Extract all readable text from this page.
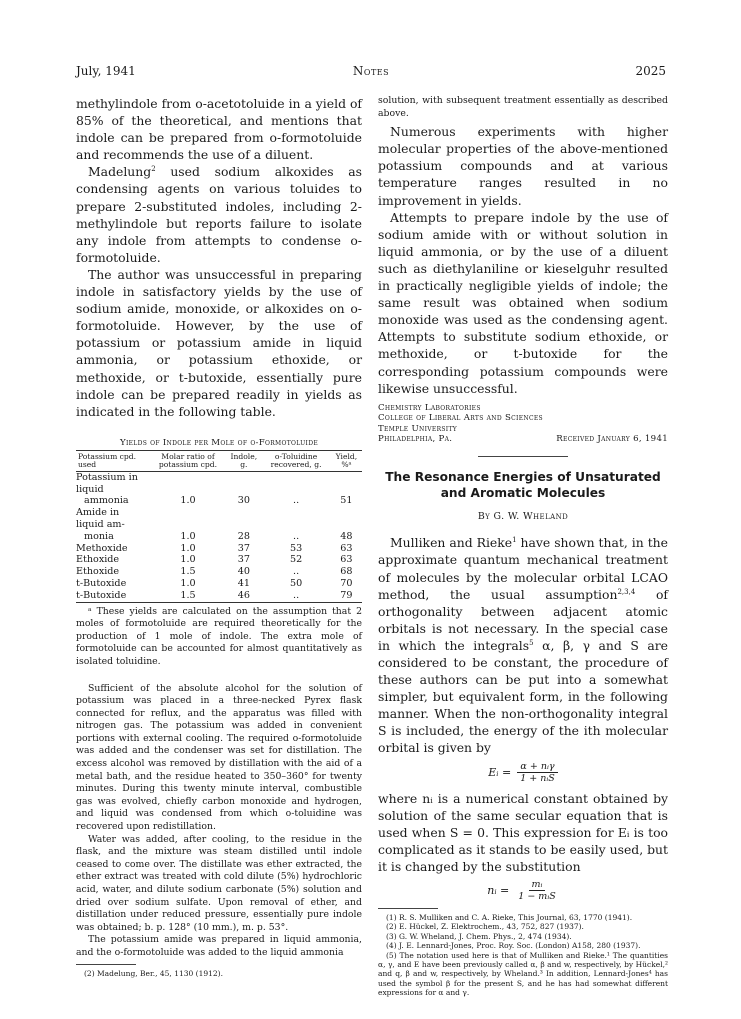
July, 1941	Notes	2025

methylindole from o-acetotoluide in a yield of 85% of the theoretical, and mentions that indole can be prepared from o-formotoluide and recommends the use of a diluent.

Madelung$^2$ used sodium alkoxides as condensing agents on various toluides to prepare 2-substituted indoles, including 2-methylindole but reports failure to isolate any indole from attempts to condense o-formotoluide.

The author was unsuccessful in preparing indole in satisfactory yields by the use of sodium amide, monoxide, or alkoxides on o-formotoluide. However, by the use of potassium or potassium amide in liquid ammonia, or potassium ethoxide, or methoxide, or t-butoxide, essentially pure indole can be prepared readily in yields as indicated in the following table.

Yields of Indole per Mole of o-Formotoluide
Potassium cpd. used	Molar ratio of potassium cpd.	Indole, g.	o-Toluidine recovered, g.	Yield, %ᵃ
Potassium in liquid				
ammonia	1.0	30	..	51
Amide in liquid am-				
monia	1.0	28	..	48
Methoxide	1.0	37	53	63
Ethoxide	1.0	37	52	63
Ethoxide	1.5	40	..	68
t-Butoxide	1.0	41	50	70
t-Butoxide	1.5	46	..	79

ᵃ These yields are calculated on the assumption that 2 moles of formotoluide are required theoretically for the production of 1 mole of indole. The extra mole of formotoluide can be accounted for almost quantitatively as isolated toluidine.

Sufficient of the absolute alcohol for the solution of potassium was placed in a three-necked Pyrex flask connected for reflux, and the apparatus was filled with nitrogen gas. The potassium was added in convenient portions with external cooling. The required o-formotoluide was added and the condenser was set for distillation. The excess alcohol was removed by distillation with the aid of a metal bath, and the residue heated to 350–360° for twenty minutes. During this twenty minute interval, combustible gas was evolved, chiefly carbon monoxide and hydrogen, and liquid was condensed from which o-toluidine was recovered upon redistillation.

Water was added, after cooling, to the residue in the flask, and the mixture was steam distilled until indole ceased to come over. The distillate was ether extracted, the ether extract was treated with cold dilute (5%) hydrochloric acid, water, and dilute sodium carbonate (5%) solution and dried over sodium sulfate. Upon removal of ether, and distillation under reduced pressure, essentially pure indole was obtained; b. p. 128° (10 mm.), m. p. 53°.

The potassium amide was prepared in liquid ammonia, and the o-formotoluide was added to the liquid ammonia

(2) Madelung, Ber., 45, 1130 (1912).

solution, with subsequent treatment essentially as described above.

Numerous experiments with higher molecular properties of the above-mentioned potassium compounds and at various temperature ranges resulted in no improvement in yields.

Attempts to prepare indole by the use of sodium amide with or without solution in liquid ammonia, or by the use of a diluent such as diethylaniline or kieselguhr resulted in practically negligible yields of indole; the same result was obtained when sodium monoxide was used as the condensing agent. Attempts to substitute sodium ethoxide, or methoxide, or t-butoxide for the corresponding potassium compounds were likewise unsuccessful.

Chemistry Laboratories
College of Liberal Arts and Sciences
Temple University
Philadelphia, Pa.	Received January 6, 1941
The Resonance Energies of Unsaturated and Aromatic Molecules
By G. W. Wheland

Mulliken and Rieke$^1$ have shown that, in the approximate quantum mechanical treatment of molecules by the molecular orbital LCAO method, the usual assumption$^{2,3,4}$ of orthogonality between adjacent atomic orbitals is not necessary. In the special case in which the integrals$^5$ α, β, γ and S are considered to be constant, the procedure of these authors can be put into a somewhat simpler, but equivalent form, in the following manner. When the non-orthogonality integral S is included, the energy of the ith molecular orbital is given by

Eᵢ = $\frac{\text{α + nᵢγ}}{\text{1 + nᵢS}}$

where nᵢ is a numerical constant obtained by solution of the same secular equation that is used when S = 0. This expression for Eᵢ is too complicated as it stands to be easily used, but it is changed by the substitution

nᵢ = $\frac{\text{mᵢ}}{\text{1 − mᵢS}}$

(1) R. S. Mulliken and C. A. Rieke, This Journal, 63, 1770 (1941).

(2) E. Hückel, Z. Elektrochem., 43, 752, 827 (1937).

(3) G. W. Wheland, J. Chem. Phys., 2, 474 (1934).

(4) J. E. Lennard-Jones, Proc. Roy. Soc. (London) A158, 280 (1937).

(5) The notation used here is that of Mulliken and Rieke.¹ The quantities α, γ, and E have been previously called α, β and w, respectively, by Hückel,² and q, β and w, respectively, by Wheland.³ In addition, Lennard-Jones⁴ has used the symbol β for the present S, and he has had somewhat different expressions for α and γ.
